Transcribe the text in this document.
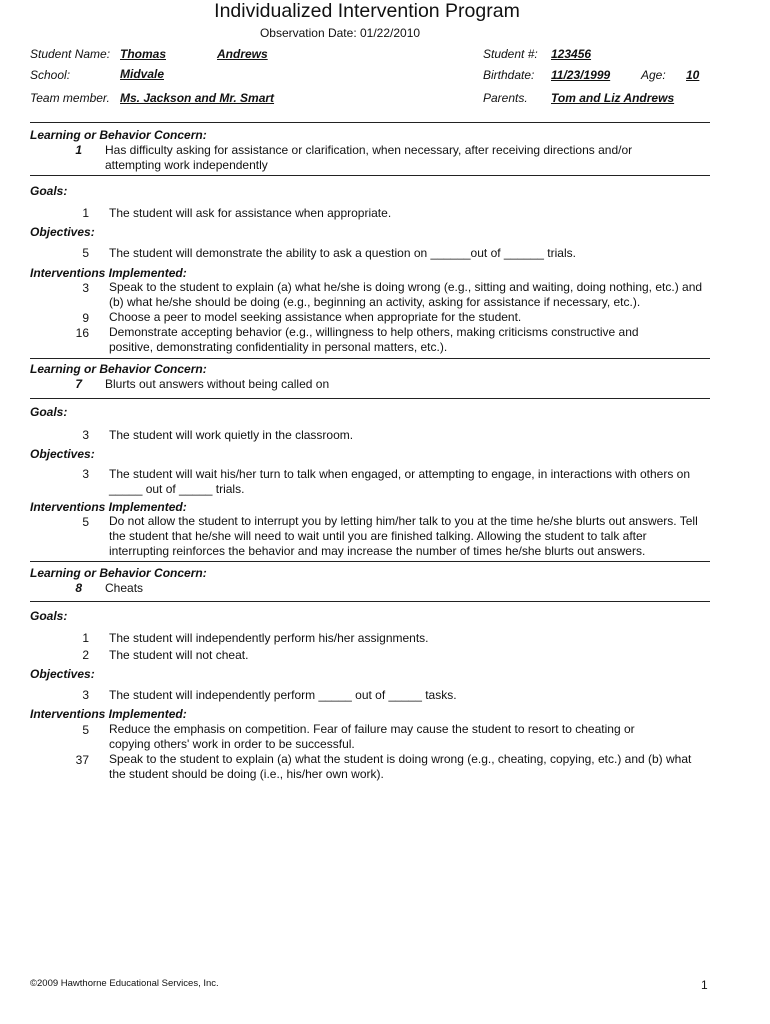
Individualized Intervention Program
Observation Date: 01/22/2010
Student Name: Thomas	Andrews	Student #: 123456
School:	Midvale	Birthdate: 11/23/1999	Age: 10
Team member. Ms. Jackson and Mr. Smart	Parents. Tom and Liz Andrews
Learning or Behavior Concern:
1 Has difficulty asking for assistance or clarification, when necessary, after receiving directions and/or attempting work independently
Goals:
1 The student will ask for assistance when appropriate.
Objectives:
5 The student will demonstrate the ability to ask a question on ______out of ______ trials.
Interventions Implemented:
3 Speak to the student to explain (a) what he/she is doing wrong (e.g., sitting and waiting, doing nothing, etc.) and (b) what he/she should be doing (e.g., beginning an activity, asking for assistance if necessary, etc.).
9 Choose a peer to model seeking assistance when appropriate for the student.
16 Demonstrate accepting behavior (e.g., willingness to help others, making criticisms constructive and positive, demonstrating confidentiality in personal matters, etc.).
Learning or Behavior Concern:
7 Blurts out answers without being called on
Goals:
3 The student will work quietly in the classroom.
Objectives:
3 The student will wait his/her turn to talk when engaged, or attempting to engage, in interactions with others on _____ out of _____ trials.
Interventions Implemented:
5 Do not allow the student to interrupt you by letting him/her talk to you at the time he/she blurts out answers. Tell the student that he/she will need to wait until you are finished talking. Allowing the student to talk after interrupting reinforces the behavior and may increase the number of times he/she blurts out answers.
Learning or Behavior Concern:
8 Cheats
Goals:
1 The student will independently perform his/her assignments.
2 The student will not cheat.
Objectives:
3 The student will independently perform _____ out of _____ tasks.
Interventions Implemented:
5 Reduce the emphasis on competition. Fear of failure may cause the student to resort to cheating or copying others' work in order to be successful.
37 Speak to the student to explain (a) what the student is doing wrong (e.g., cheating, copying, etc.) and (b) what the student should be doing (i.e., his/her own work).
©2009 Hawthorne Educational Services, Inc.	1
